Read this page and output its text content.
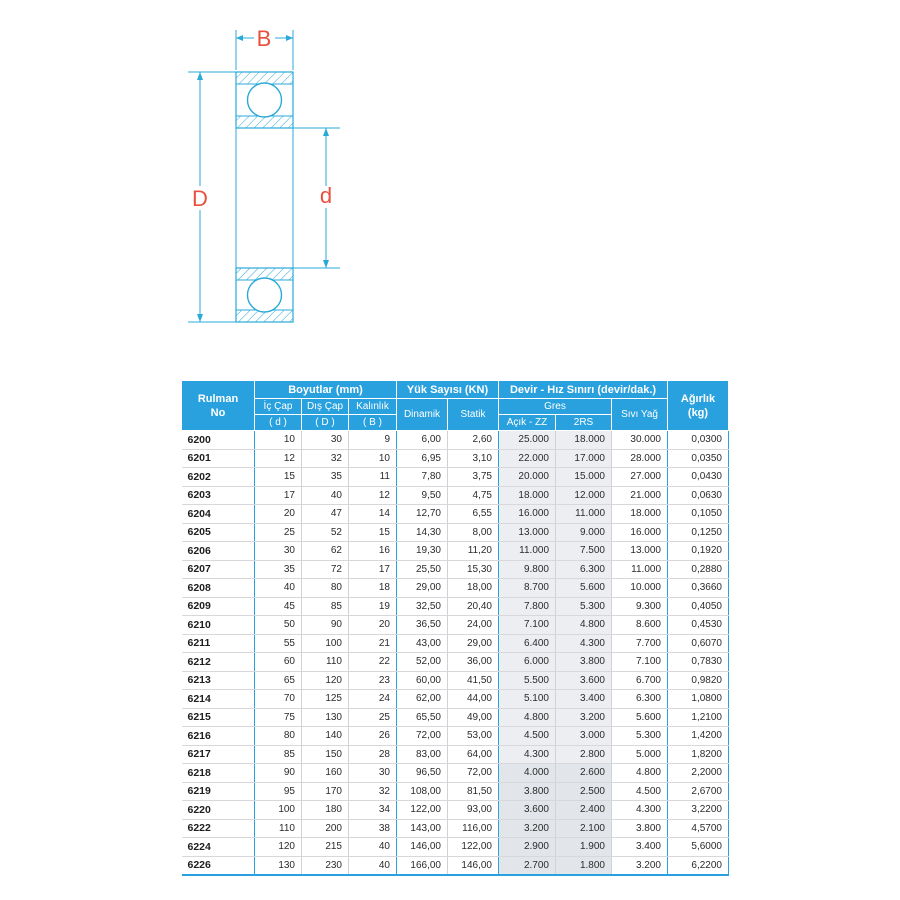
B
D	d
Rulman
No	Boyutlar (mm)			Yük Sayısı (KN)		Devir - Hız Sınırı (devir/dak.)			Ağırlık
(kg)
	İç Çap	Dış Çap	Kalınlık	Dinamik	Statik	Gres		Sıvı Yağ	
	( d )	( D )	( B )			Açık - ZZ	2RS		
6200	10	30	9	6,00	2,60	25.000	18.000	30.000	0,0300
6201	12	32	10	6,95	3,10	22.000	17.000	28.000	0,0350
6202	15	35	11	7,80	3,75	20.000	15.000	27.000	0,0430
6203	17	40	12	9,50	4,75	18.000	12.000	21.000	0,0630
6204	20	47	14	12,70	6,55	16.000	11.000	18.000	0,1050
6205	25	52	15	14,30	8,00	13.000	9.000	16.000	0,1250
6206	30	62	16	19,30	11,20	11.000	7.500	13.000	0,1920
6207	35	72	17	25,50	15,30	9.800	6.300	11.000	0,2880
6208	40	80	18	29,00	18,00	8.700	5.600	10.000	0,3660
6209	45	85	19	32,50	20,40	7.800	5.300	9.300	0,4050
6210	50	90	20	36,50	24,00	7.100	4.800	8.600	0,4530
6211	55	100	21	43,00	29,00	6.400	4.300	7.700	0,6070
6212	60	110	22	52,00	36,00	6.000	3.800	7.100	0,7830
6213	65	120	23	60,00	41,50	5.500	3.600	6.700	0,9820
6214	70	125	24	62,00	44,00	5.100	3.400	6.300	1,0800
6215	75	130	25	65,50	49,00	4.800	3.200	5.600	1,2100
6216	80	140	26	72,00	53,00	4.500	3.000	5.300	1,4200
6217	85	150	28	83,00	64,00	4.300	2.800	5.000	1,8200
6218	90	160	30	96,50	72,00	4.000	2.600	4.800	2,2000
6219	95	170	32	108,00	81,50	3.800	2.500	4.500	2,6700
6220	100	180	34	122,00	93,00	3.600	2.400	4.300	3,2200
6222	110	200	38	143,00	116,00	3.200	2.100	3.800	4,5700
6224	120	215	40	146,00	122,00	2.900	1.900	3.400	5,6000
6226	130	230	40	166,00	146,00	2.700	1.800	3.200	6,2200
